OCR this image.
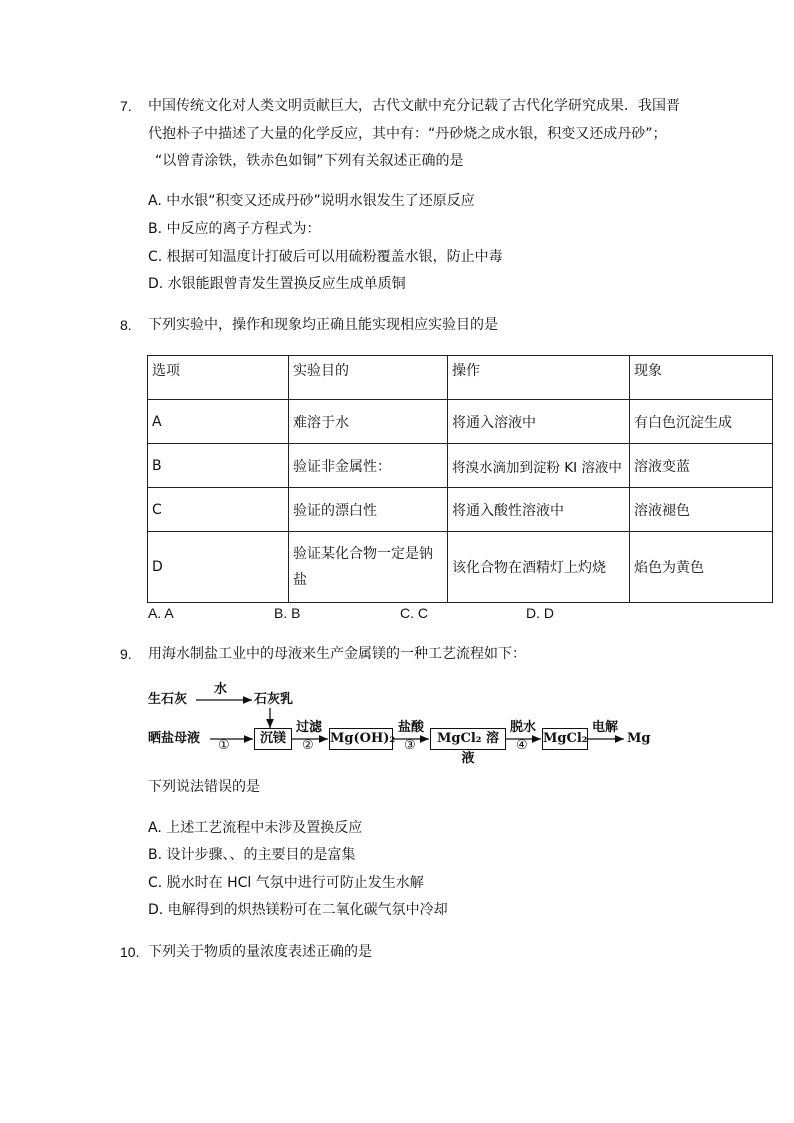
7. 中国传统文化对人类文明贡献巨大，古代文献中充分记载了古代化学研究成果．我国晋
代抱朴子中描述了大量的化学反应，其中有：“丹砂烧之成水银，积变又还成丹砂”；
“以曾青涂铁，铁赤色如铜”下列有关叙述正确的是
A. 中水银“积变又还成丹砂”说明水银发生了还原反应
B. 中反应的离子方程式为：
C. 根据可知温度计打破后可以用硫粉覆盖水银，防止中毒
D. 水银能跟曾青发生置换反应生成单质铜
8. 下列实验中，操作和现象均正确且能实现相应实验目的是
选项	实验目的	操作	现象
A	难溶于水	将通入溶液中	有白色沉淀生成
B	验证非金属性：	将溴水滴加到淀粉 KI 溶液中	溶液变蓝
C	验证的漂白性	将通入酸性溶液中	溶液褪色
D	验证某化合物一定是钠盐	该化合物在酒精灯上灼烧	焰色为黄色
A. A	B. B	C. C	D. D
9. 用海水制盐工业中的母液来生产金属镁的一种工艺流程如下：
生石灰
水
石灰乳
晒盐母液 ①	沉镁
过滤
② Mg(OH)₂
盐酸
③	MgCl₂ 溶液
脱水
④ MgCl₂
电解
Mg
下列说法错误的是
A. 上述工艺流程中未涉及置换反应
B. 设计步骤、、的主要目的是富集
C. 脱水时在 HCl 气氛中进行可防止发生水解
D. 电解得到的炽热镁粉可在二氧化碳气氛中冷却
10. 下列关于物质的量浓度表述正确的是
